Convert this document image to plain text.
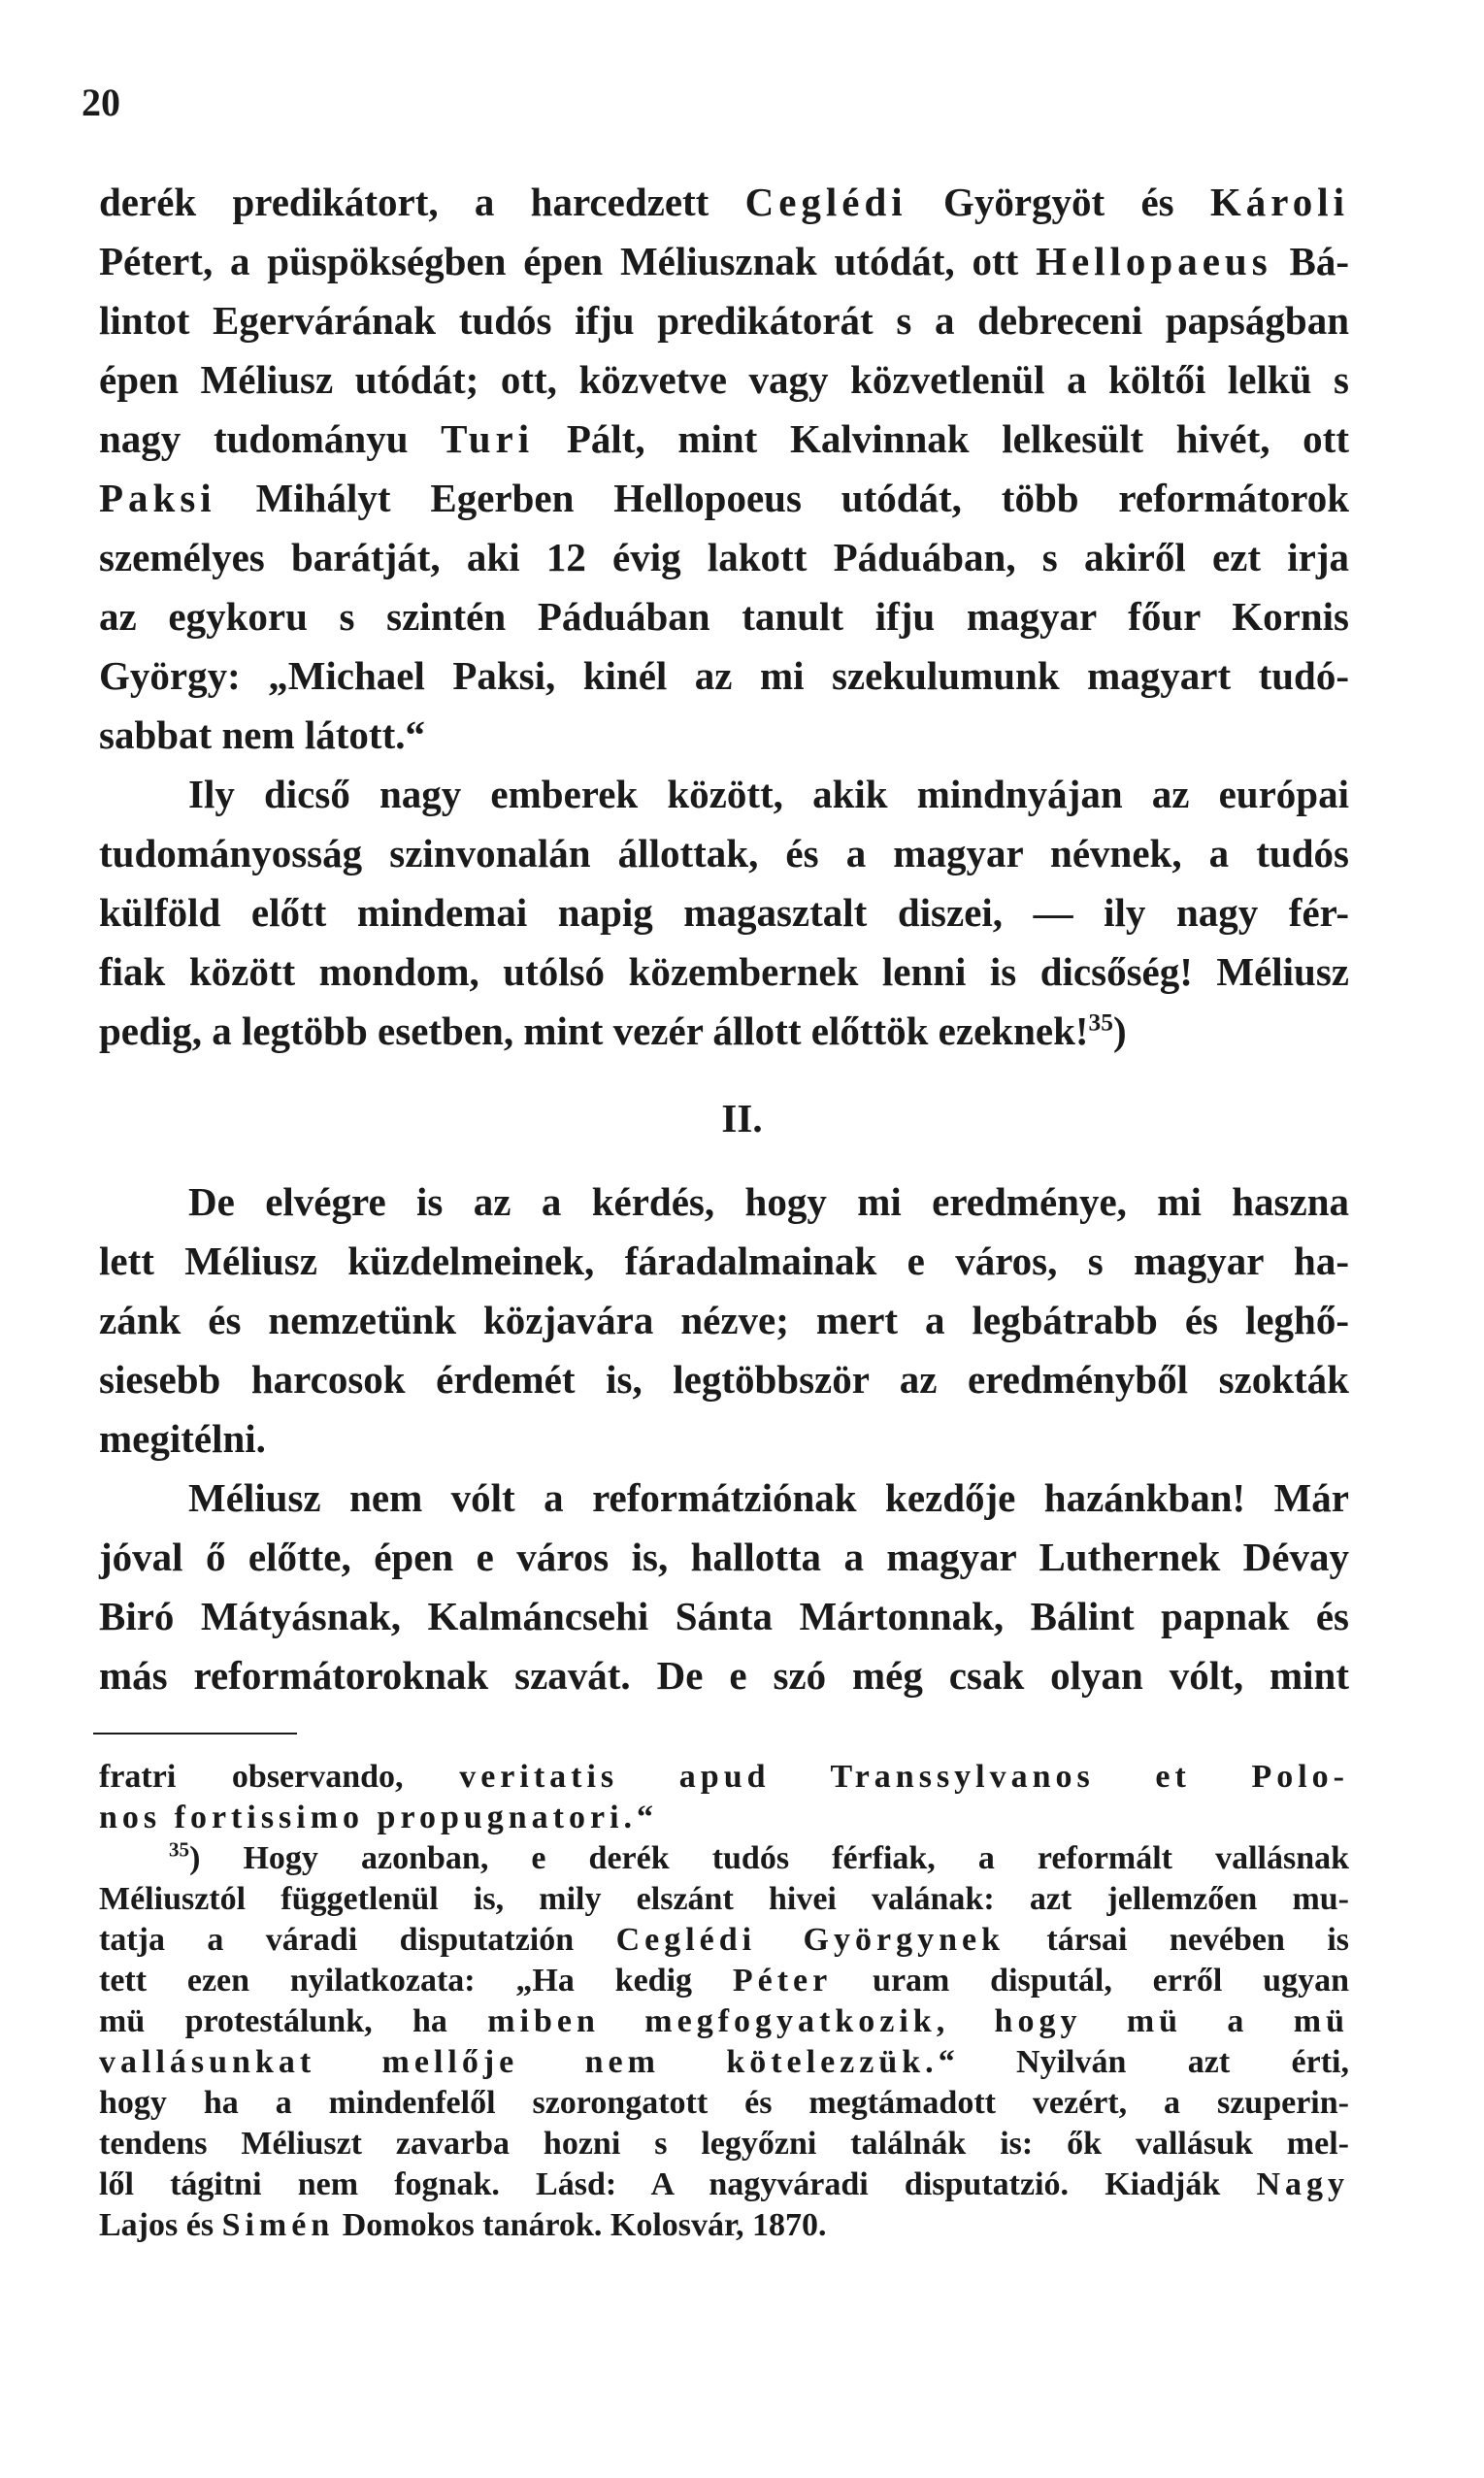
20
derék predikátort, a harcedzett Ceglédi Györgyöt és Károli
Pétert, a püspökségben épen Méliusznak utódát, ott Hellopaeus Bá-
lintot Egervárának tudós ifju predikátorát s a debreceni papságban
épen Méliusz utódát; ott, közvetve vagy közvetlenül a költői lelkü s
nagy tudományu Turi Pált, mint Kalvinnak lelkesült hivét, ott
Paksi Mihályt Egerben Hellopoeus utódát, több reformátorok
személyes barátját, aki 12 évig lakott Páduában, s akiről ezt irja
az egykoru s szintén Páduában tanult ifju magyar főur Kornis
György: „Michael Paksi, kinél az mi szekulumunk magyart tudó-
sabbat nem látott.“
Ily dicső nagy emberek között, akik mindnyájan az európai
tudományosság szinvonalán állottak, és a magyar névnek, a tudós
külföld előtt mindemai napig magasztalt diszei, — ily nagy fér-
fiak között mondom, utólsó közembernek lenni is dicsőség! Méliusz
pedig, a legtöbb esetben, mint vezér állott előttök ezeknek!$^{35}$)
II.
De elvégre is az a kérdés, hogy mi eredménye, mi haszna
lett Méliusz küzdelmeinek, fáradalmainak e város, s magyar ha-
zánk és nemzetünk közjavára nézve; mert a legbátrabb és leghő-
siesebb harcosok érdemét is, legtöbbször az eredményből szokták
megitélni.
Méliusz nem vólt a reformátziónak kezdője hazánkban! Már
jóval ő előtte, épen e város is, hallotta a magyar Luthernek Dévay
Biró Mátyásnak, Kalmáncsehi Sánta Mártonnak, Bálint papnak és
más reformátoroknak szavát. De e szó még csak olyan vólt, mint
fratri observando, veritatis apud Transsylvanos et Polo-
nos fortissimo propugnatori.“
$^{35}$) Hogy azonban, e derék tudós férfiak, a reformált vallásnak
Méliusztól függetlenül is, mily elszánt hivei valának: azt jellemzően mu-
tatja a váradi disputatzión Ceglédi Györgynek társai nevében is
tett ezen nyilatkozata: „Ha kedig Péter uram disputál, erről ugyan
mü protestálunk, ha miben megfogyatkozik, hogy mü a mü
vallásunkat mellője nem kötelezzük.“ Nyilván azt érti,
hogy ha a mindenfelől szorongatott és megtámadott vezért, a szuperin-
tendens Méliuszt zavarba hozni s legyőzni találnák is: ők vallásuk mel-
lől tágitni nem fognak. Lásd: A nagyváradi disputatzió. Kiadják Nagy
Lajos és Simén Domokos tanárok. Kolosvár, 1870.
